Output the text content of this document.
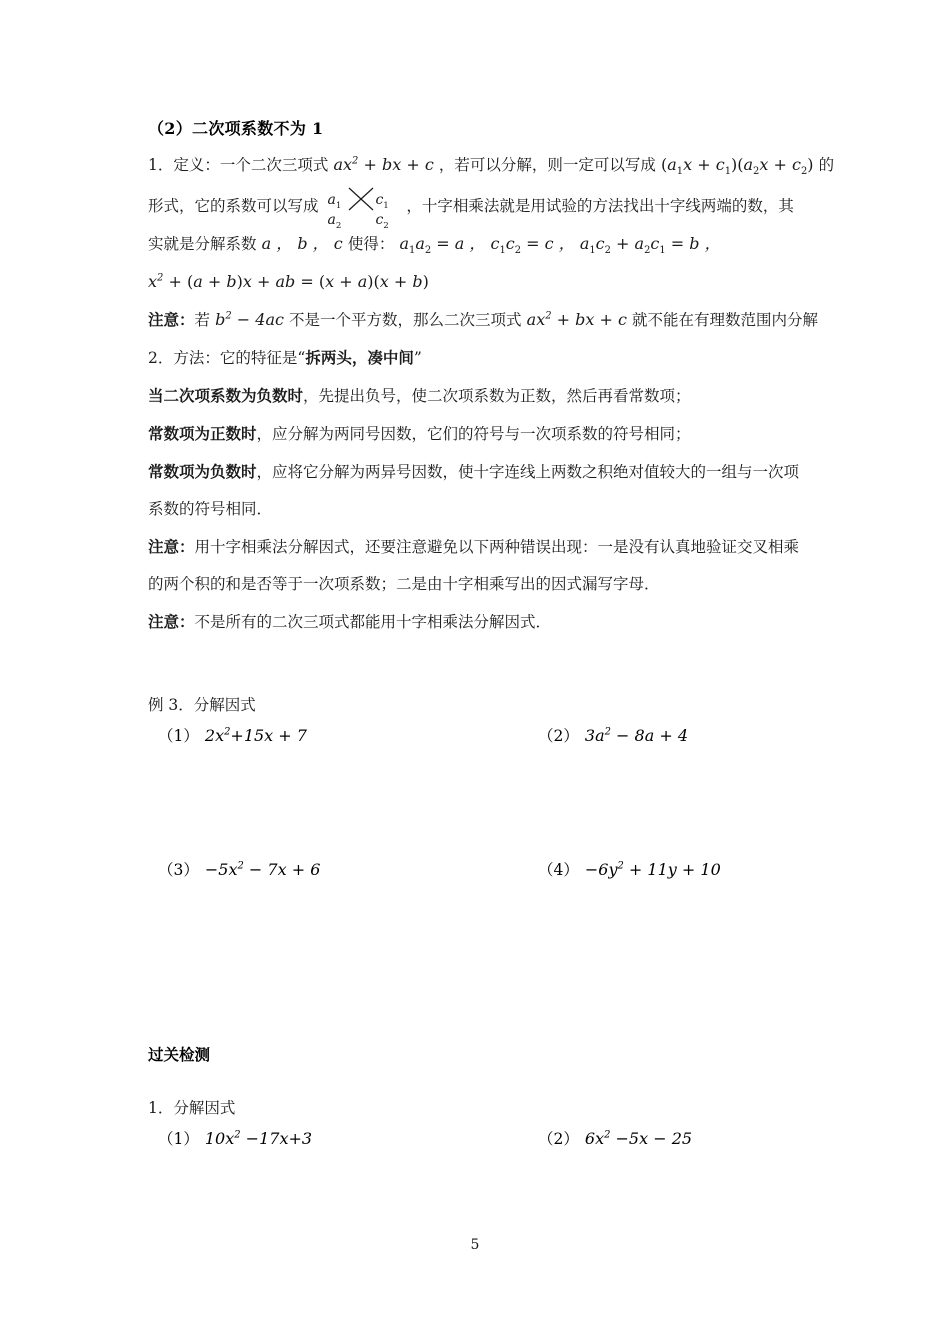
（2）二次项系数不为 1
1．定义：一个二次三项式 $ax^2$ + bx + c ，若可以分解，则一定可以写成 $(a_1x + c_1)(a_2x + c_2)$ 的
形式，它的系数可以写成 $a_1$ $c_1$
$a_2$ $c_2$
，十字相乘法就是用试验的方法找出十字线两端的数，其
实就是分解系数 a ， b ， c 使得： $a_1a_2 = a$ ， $c_1c_2 = c$ ， $a_1c_2 + a_2c_1 = b$ ，
$x^2 + (a + b)x$ + ab = (x + a)(x + b)
注意：若 $b^2 - 4ac$ 不是一个平方数，那么二次三项式 $ax^2$ + bx + c 就不能在有理数范围内分解
2．方法：它的特征是“拆两头，凑中间”
当二次项系数为负数时，先提出负号，使二次项系数为正数，然后再看常数项；
常数项为正数时，应分解为两同号因数，它们的符号与一次项系数的符号相同；
常数项为负数时，应将它分解为两异号因数，使十字连线上两数之积绝对值较大的一组与一次项系数的符号相同．
注意：用十字相乘法分解因式，还要注意避免以下两种错误出现：一是没有认真地验证交叉相乘的两个积的和是否等于一次项系数；二是由十字相乘写出的因式漏写字母．
注意：不是所有的二次三项式都能用十字相乘法分解因式．
例 3．分解因式
（1） $2x^2+15x + 7$	（2） $3a^2 - 8a + 4$
$(3) -5x^2 - 7x + 6$	$(4) -6y^2 + 11y + 10$
过关检测
1．分解因式
（1） $10x^2 -17x+3$	（2） $6x^2 -5x - 25$
5
